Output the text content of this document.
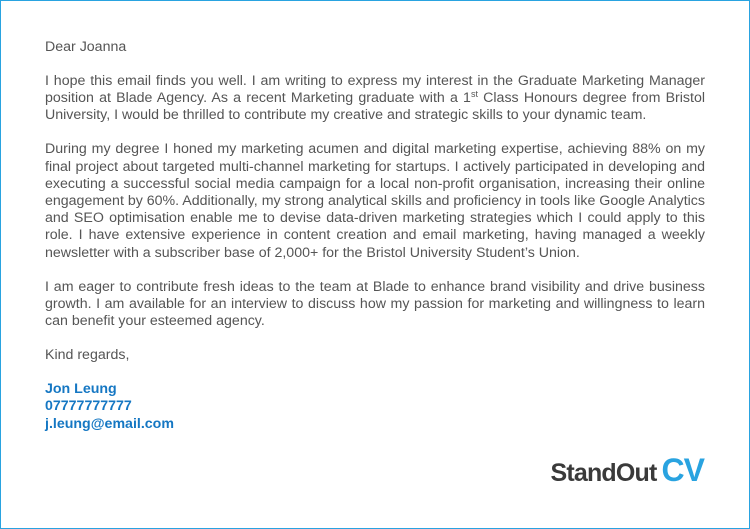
Dear Joanna

I hope this email finds you well. I am writing to express my interest in the Graduate Marketing Manager position at Blade Agency. As a recent Marketing graduate with a 1st Class Honours degree from Bristol University, I would be thrilled to contribute my creative and strategic skills to your dynamic team.

During my degree I honed my marketing acumen and digital marketing expertise, achieving 88% on my final project about targeted multi-channel marketing for startups. I actively participated in developing and executing a successful social media campaign for a local non-profit organisation, increasing their online engagement by 60%. Additionally, my strong analytical skills and proficiency in tools like Google Analytics and SEO optimisation enable me to devise data-driven marketing strategies which I could apply to this role. I have extensive experience in content creation and email marketing, having managed a weekly newsletter with a subscriber base of 2,000+ for the Bristol University Student’s Union.

I am eager to contribute fresh ideas to the team at Blade to enhance brand visibility and drive business growth. I am available for an interview to discuss how my passion for marketing and willingness to learn can benefit your esteemed agency.

Kind regards,

Jon Leung
07777777777
j.leung@email.com
StandOut CV
